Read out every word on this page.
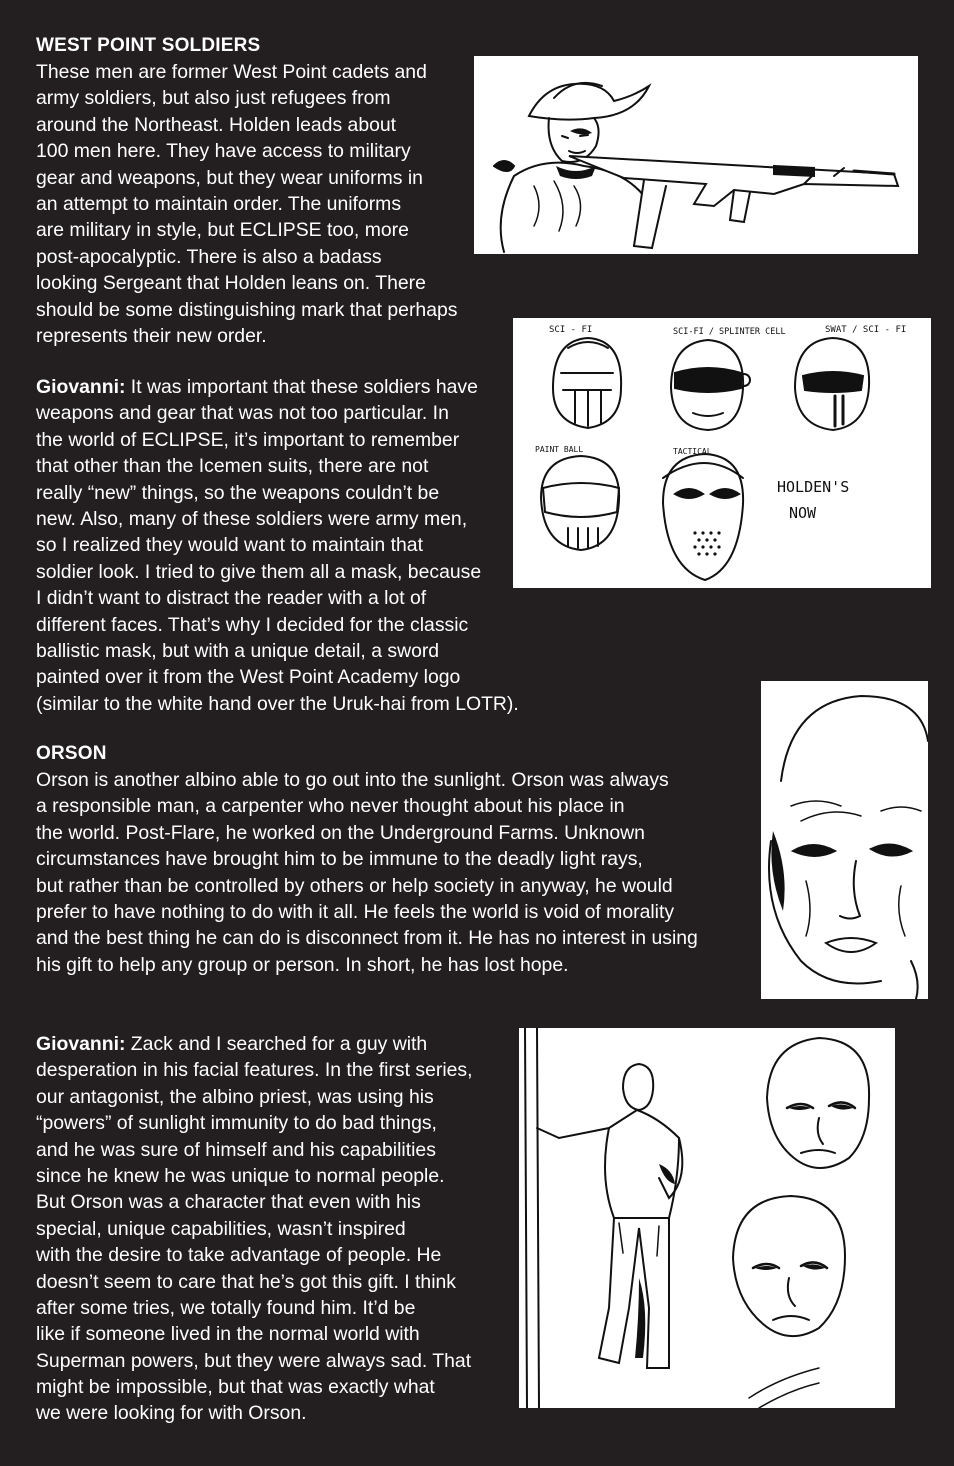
WEST POINT SOLDIERS
These men are former West Point cadets and
army soldiers, but also just refugees from
around the Northeast. Holden leads about
100 men here. They have access to military
gear and weapons, but they wear uniforms in
an attempt to maintain order. The uniforms
are military in style, but ECLIPSE too, more
post-apocalyptic. There is also a badass
looking Sergeant that Holden leans on. There
should be some distinguishing mark that perhaps
represents their new order.
Giovanni: It was important that these soldiers have
weapons and gear that was not too particular. In
the world of ECLIPSE, it’s important to remember
that other than the Icemen suits, there are not
really “new” things, so the weapons couldn’t be
new. Also, many of these soldiers were army men,
so I realized they would want to maintain that
soldier look. I tried to give them all a mask, because
I didn’t want to distract the reader with a lot of
different faces. That’s why I decided for the classic
ballistic mask, but with a unique detail, a sword
painted over it from the West Point Academy logo
(similar to the white hand over the Uruk-hai from LOTR).
ORSON
Orson is another albino able to go out into the sunlight. Orson was always
a responsible man, a carpenter who never thought about his place in
the world. Post-Flare, he worked on the Underground Farms. Unknown
circumstances have brought him to be immune to the deadly light rays,
but rather than be controlled by others or help society in anyway, he would
prefer to have nothing to do with it all. He feels the world is void of morality
and the best thing he can do is disconnect from it. He has no interest in using
his gift to help any group or person. In short, he has lost hope.
Giovanni: Zack and I searched for a guy with
desperation in his facial features. In the first series,
our antagonist, the albino priest, was using his
“powers” of sunlight immunity to do bad things,
and he was sure of himself and his capabilities
since he knew he was unique to normal people.
But Orson was a character that even with his
special, unique capabilities, wasn’t inspired
with the desire to take advantage of people. He
doesn’t seem to care that he’s got this gift. I think
after some tries, we totally found him. It’d be
like if someone lived in the normal world with
Superman powers, but they were always sad. That
might be impossible, but that was exactly what
we were looking for with Orson.
SCI - FI	SCI-FI / SPLINTER CELL	SWAT / SCI - FI
PAINT BALL	TACTICAL
HOLDEN'S
NOW
